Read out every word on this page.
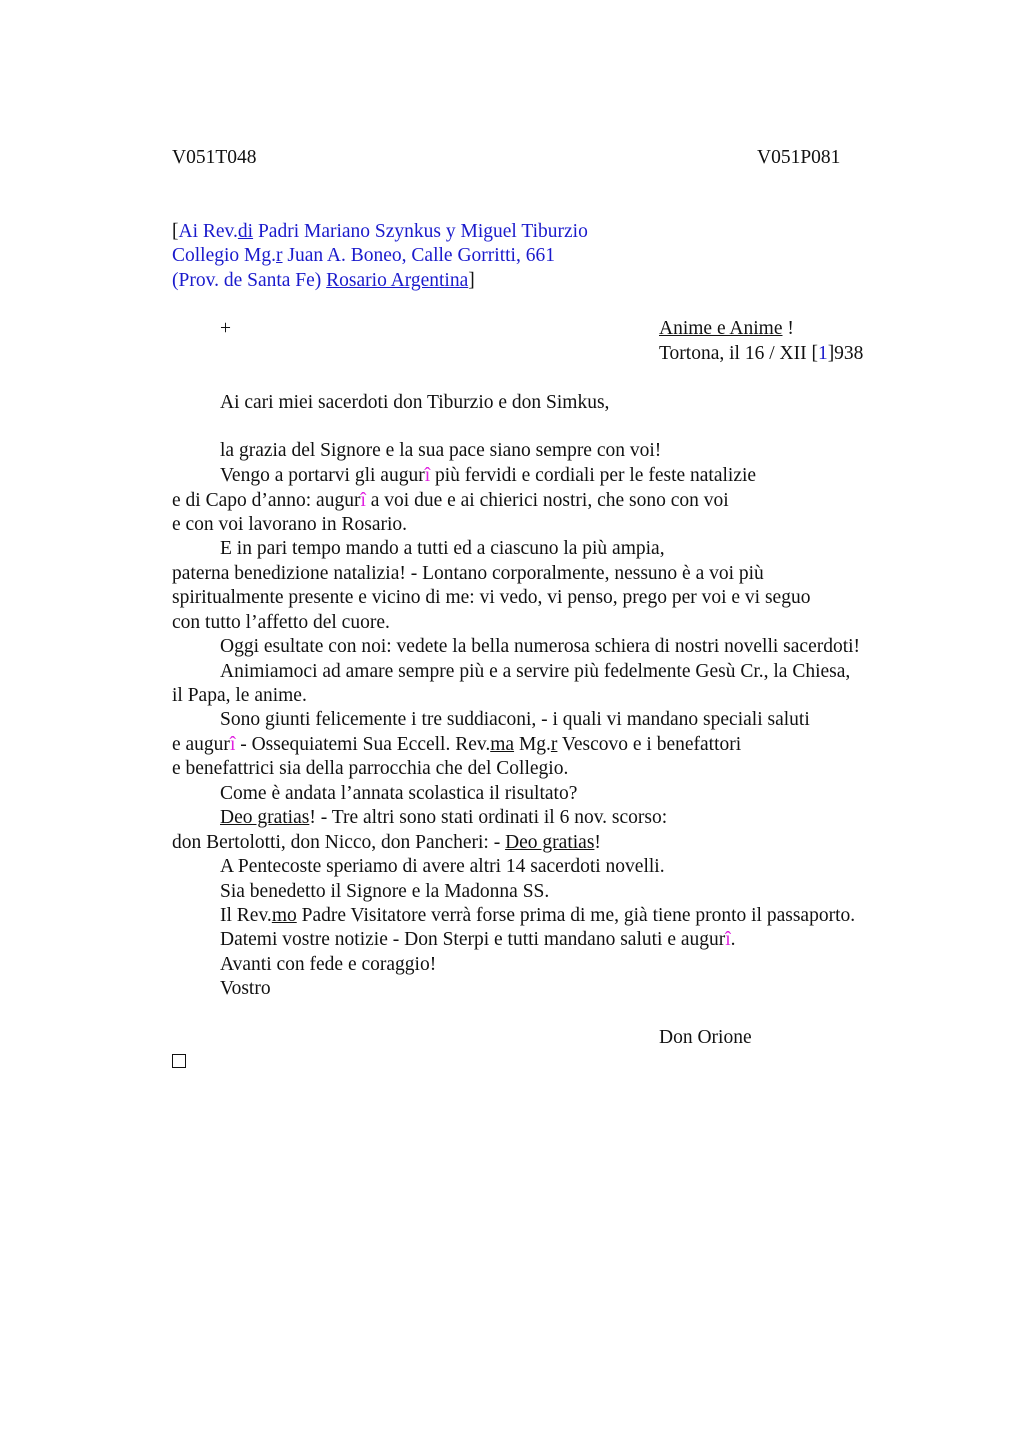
V051T048	V051P081
[Ai Rev.di Padri Mariano Szynkus y Miguel Tiburzio
Collegio Mg.r Juan A. Boneo, Calle Gorritti, 661
(Prov. de Santa Fe) Rosario Argentina]
+	Anime e Anime !
Tortona, il 16 / XII [1]938
Ai cari miei sacerdoti don Tiburzio e don Simkus,
la grazia del Signore e la sua pace siano sempre con voi!
Vengo a portarvi gli augurî più fervidi e cordiali per le feste natalizie
e di Capo d’anno: augurî a voi due e ai chierici nostri, che sono con voi
e con voi lavorano in Rosario.
E in pari tempo mando a tutti ed a ciascuno la più ampia,
paterna benedizione natalizia! - Lontano corporalmente, nessuno è a voi più
spiritualmente presente e vicino di me: vi vedo, vi penso, prego per voi e vi seguo
con tutto l’affetto del cuore.
Oggi esultate con noi: vedete la bella numerosa schiera di nostri novelli sacerdoti!
Animiamoci ad amare sempre più e a servire più fedelmente Gesù Cr., la Chiesa,
il Papa, le anime.
Sono giunti felicemente i tre suddiaconi, - i quali vi mandano speciali saluti
e augurî - Ossequiatemi Sua Eccell. Rev.ma Mg.r Vescovo e i benefattori
e benefattrici sia della parrocchia che del Collegio.
Come è andata l’annata scolastica il risultato?
Deo gratias! - Tre altri sono stati ordinati il 6 nov. scorso:
don Bertolotti, don Nicco, don Pancheri: - Deo gratias!
A Pentecoste speriamo di avere altri 14 sacerdoti novelli.
Sia benedetto il Signore e la Madonna SS.
Il Rev.mo Padre Visitatore verrà forse prima di me, già tiene pronto il passaporto.
Datemi vostre notizie - Don Sterpi e tutti mandano saluti e augurî.
Avanti con fede e coraggio!
Vostro
Don Orione
